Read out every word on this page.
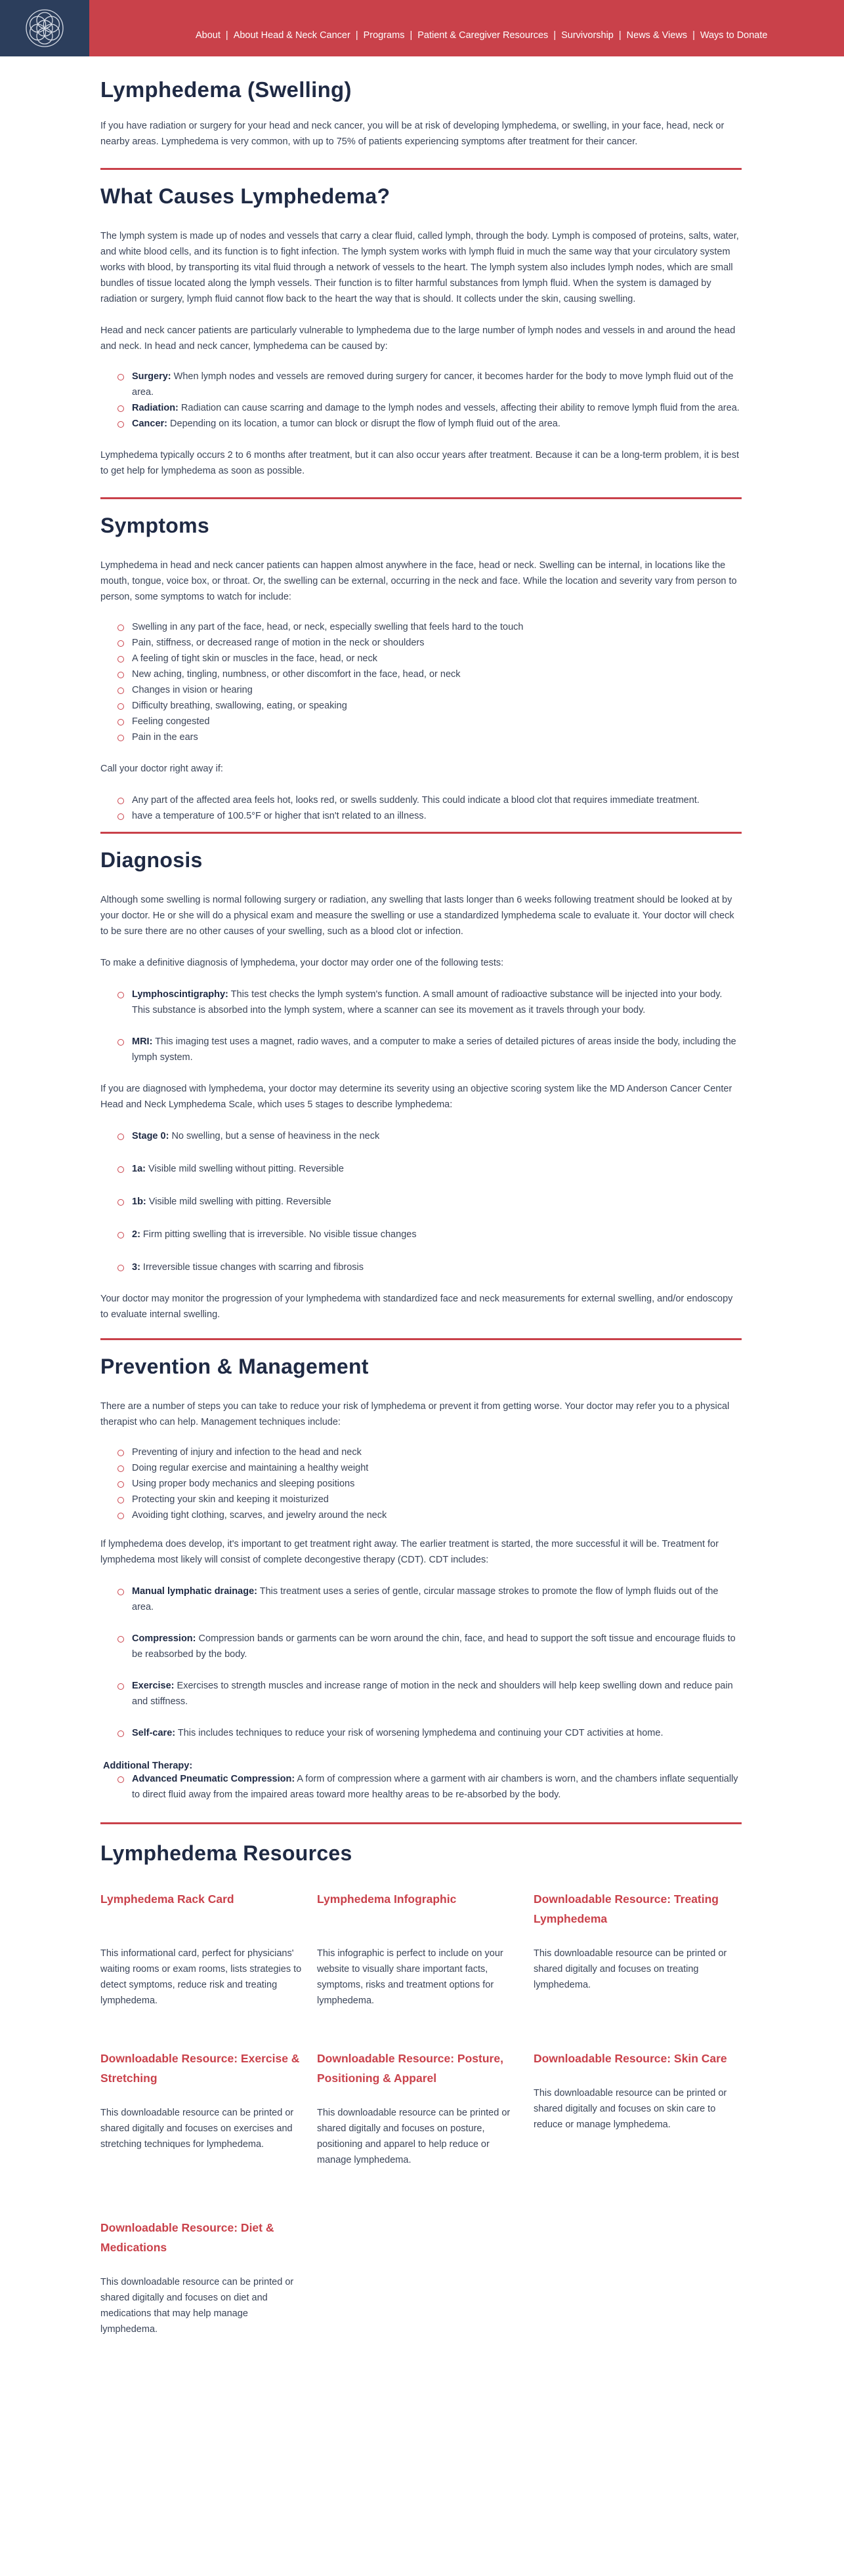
About | About Head & Neck Cancer | Programs | Patient & Caregiver Resources | Survivorship | News & Views | Ways to Donate
Lymphedema (Swelling)

If you have radiation or surgery for your head and neck cancer, you will be at risk of developing lymphedema, or swelling, in your face, head, neck or nearby areas. Lymphedema is very common, with up to 75% of patients experiencing symptoms after treatment for their cancer.

What Causes Lymphedema?

The lymph system is made up of nodes and vessels that carry a clear fluid, called lymph, through the body. Lymph is composed of proteins, salts, water, and white blood cells, and its function is to fight infection. The lymph system works with lymph fluid in much the same way that your circulatory system works with blood, by transporting its vital fluid through a network of vessels to the heart. The lymph system also includes lymph nodes, which are small bundles of tissue located along the lymph vessels. Their function is to filter harmful substances from lymph fluid. When the system is damaged by radiation or surgery, lymph fluid cannot flow back to the heart the way that is should. It collects under the skin, causing swelling.

Head and neck cancer patients are particularly vulnerable to lymphedema due to the large number of lymph nodes and vessels in and around the head and neck. In head and neck cancer, lymphedema can be caused by:

Surgery: When lymph nodes and vessels are removed during surgery for cancer, it becomes harder for the body to move lymph fluid out of the area.
Radiation: Radiation can cause scarring and damage to the lymph nodes and vessels, affecting their ability to remove lymph fluid from the area.
Cancer: Depending on its location, a tumor can block or disrupt the flow of lymph fluid out of the area.

Lymphedema typically occurs 2 to 6 months after treatment, but it can also occur years after treatment. Because it can be a long-term problem, it is best to get help for lymphedema as soon as possible.

Symptoms

Lymphedema in head and neck cancer patients can happen almost anywhere in the face, head or neck. Swelling can be internal, in locations like the mouth, tongue, voice box, or throat. Or, the swelling can be external, occurring in the neck and face. While the location and severity vary from person to person, some symptoms to watch for include:

Swelling in any part of the face, head, or neck, especially swelling that feels hard to the touch
Pain, stiffness, or decreased range of motion in the neck or shoulders
A feeling of tight skin or muscles in the face, head, or neck
New aching, tingling, numbness, or other discomfort in the face, head, or neck
Changes in vision or hearing
Difficulty breathing, swallowing, eating, or speaking
Feeling congested
Pain in the ears

Call your doctor right away if:

Any part of the affected area feels hot, looks red, or swells suddenly. This could indicate a blood clot that requires immediate treatment.
have a temperature of 100.5°F or higher that isn't related to an illness.
Diagnosis

Although some swelling is normal following surgery or radiation, any swelling that lasts longer than 6 weeks following treatment should be looked at by your doctor. He or she will do a physical exam and measure the swelling or use a standardized lymphedema scale to evaluate it. Your doctor will check to be sure there are no other causes of your swelling, such as a blood clot or infection.

To make a definitive diagnosis of lymphedema, your doctor may order one of the following tests:

Lymphoscintigraphy: This test checks the lymph system's function. A small amount of radioactive substance will be injected into your body. This substance is absorbed into the lymph system, where a scanner can see its movement as it travels through your body.
MRI: This imaging test uses a magnet, radio waves, and a computer to make a series of detailed pictures of areas inside the body, including the lymph system.

If you are diagnosed with lymphedema, your doctor may determine its severity using an objective scoring system like the MD Anderson Cancer Center Head and Neck Lymphedema Scale, which uses 5 stages to describe lymphedema:

Stage 0: No swelling, but a sense of heaviness in the neck
1a: Visible mild swelling without pitting. Reversible
1b: Visible mild swelling with pitting. Reversible
2: Firm pitting swelling that is irreversible. No visible tissue changes
3: Irreversible tissue changes with scarring and fibrosis

Your doctor may monitor the progression of your lymphedema with standardized face and neck measurements for external swelling, and/or endoscopy to evaluate internal swelling.

Prevention & Management

There are a number of steps you can take to reduce your risk of lymphedema or prevent it from getting worse. Your doctor may refer you to a physical therapist who can help. Management techniques include:

Preventing of injury and infection to the head and neck
Doing regular exercise and maintaining a healthy weight
Using proper body mechanics and sleeping positions
Protecting your skin and keeping it moisturized
Avoiding tight clothing, scarves, and jewelry around the neck

If lymphedema does develop, it's important to get treatment right away. The earlier treatment is started, the more successful it will be. Treatment for lymphedema most likely will consist of complete decongestive therapy (CDT). CDT includes:

Manual lymphatic drainage: This treatment uses a series of gentle, circular massage strokes to promote the flow of lymph fluids out of the area.
Compression: Compression bands or garments can be worn around the chin, face, and head to support the soft tissue and encourage fluids to be reabsorbed by the body.
Exercise: Exercises to strength muscles and increase range of motion in the neck and shoulders will help keep swelling down and reduce pain and stiffness.
Self-care: This includes techniques to reduce your risk of worsening lymphedema and continuing your CDT activities at home.
Additional Therapy:
Advanced Pneumatic Compression: A form of compression where a garment with air chambers is worn, and the chambers inflate sequentially to direct fluid away from the impaired areas toward more healthy areas to be re-absorbed by the body.
Lymphedema Resources
Lymphedema Rack Card
This informational card, perfect for physicians' waiting rooms or exam rooms, lists strategies to detect symptoms, reduce risk and treating lymphedema.
Lymphedema Infographic
This infographic is perfect to include on your website to visually share important facts, symptoms, risks and treatment options for lymphedema.
Downloadable Resource: Treating Lymphedema
This downloadable resource can be printed or shared digitally and focuses on treating lymphedema.
Downloadable Resource: Exercise & Stretching
This downloadable resource can be printed or shared digitally and focuses on exercises and stretching techniques for lymphedema.
Downloadable Resource: Posture, Positioning & Apparel
This downloadable resource can be printed or shared digitally and focuses on posture, positioning and apparel to help reduce or manage lymphedema.
Downloadable Resource: Skin Care
This downloadable resource can be printed or shared digitally and focuses on skin care to reduce or manage lymphedema.
Downloadable Resource: Diet & Medications
This downloadable resource can be printed or shared digitally and focuses on diet and medications that may help manage lymphedema.
